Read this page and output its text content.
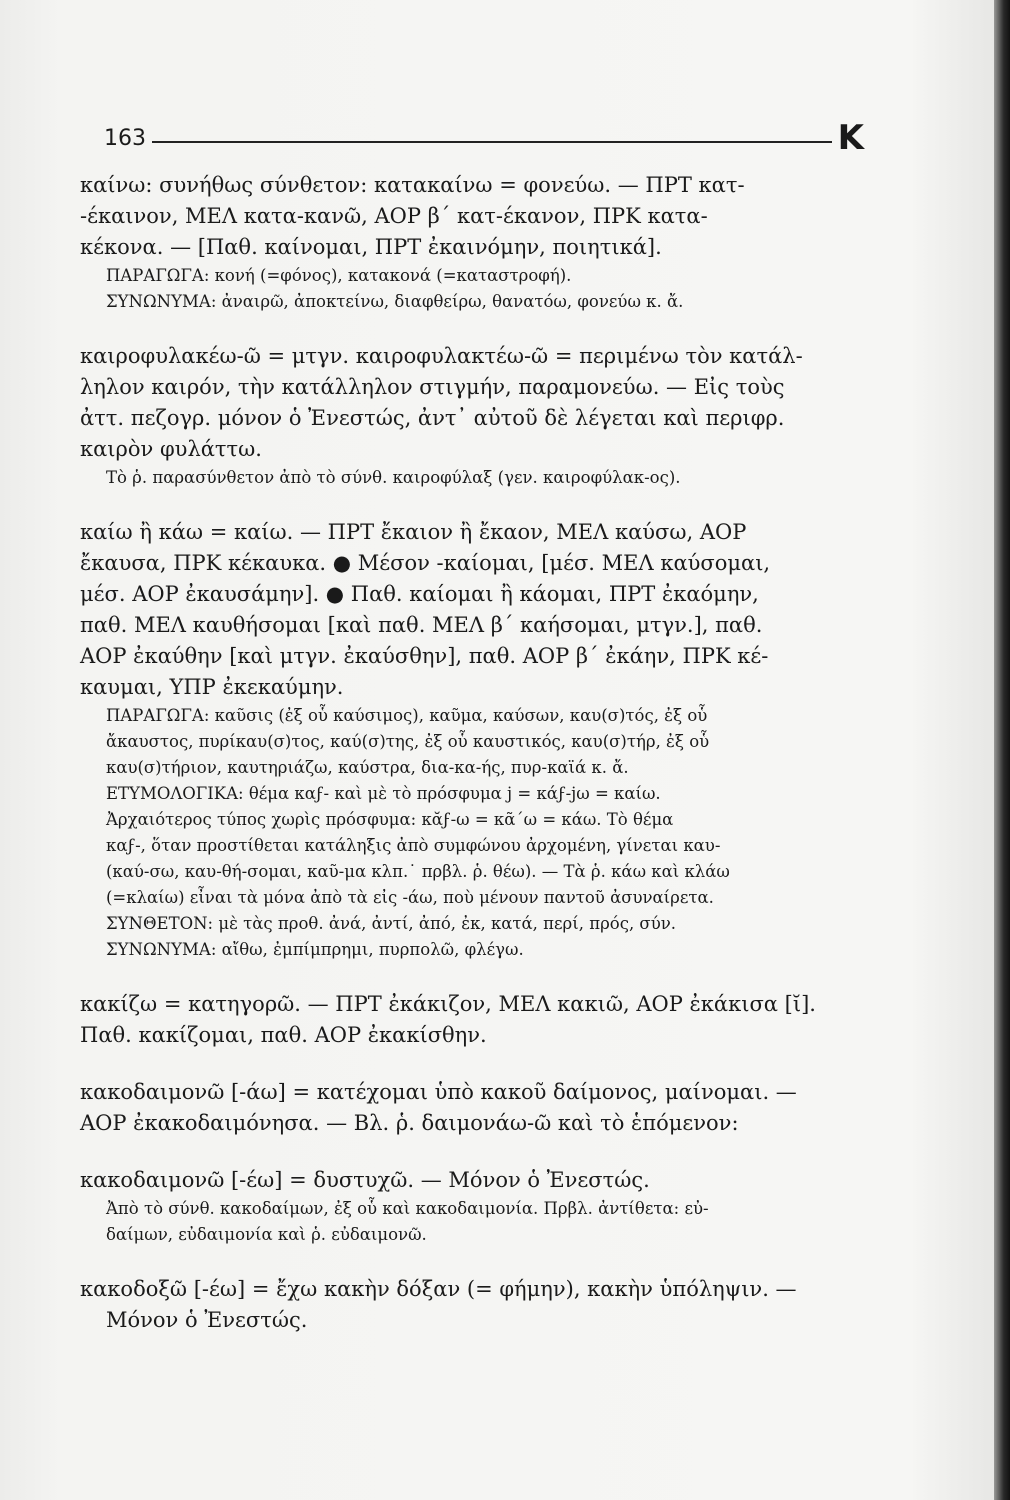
163	K

καίνω: συνήθως σύνθετον: κατακαίνω = φονεύω. — ΠΡΤ κατ-

-έκαινον, ΜΕΛ κατα-κανῶ, ΑΟΡ β΄ κατ-έκανον, ΠΡΚ κατα-

κέκονα. — [Παθ. καίνομαι, ΠΡΤ ἐκαινόμην, ποιητικά].

ΠΑΡΑΓΩΓΑ: κονή (=φόνος), κατακονά (=καταστροφή).

ΣΥΝΩΝΥΜΑ: ἀναιρῶ, ἀποκτείνω, διαφθείρω, θανατόω, φονεύω κ. ἄ.

καιροφυλακέω-ῶ = μτγν. καιροφυλακτέω-ῶ = περιμένω τὸν κατάλ-

ληλον καιρόν, τὴν κατάλληλον στιγμήν, παραμονεύω. — Εἰς τοὺς

ἀττ. πεζογρ. μόνον ὁ Ἐνεστώς, ἀντ᾿ αὐτοῦ δὲ λέγεται καὶ περιφρ.

καιρὸν φυλάττω.

Τὸ ῥ. παρασύνθετον ἀπὸ τὸ σύνθ. καιροφύλαξ (γεν. καιροφύλακ-ος).

καίω ἢ κάω = καίω. — ΠΡΤ ἔκαιον ἢ ἔκαον, ΜΕΛ καύσω, ΑΟΡ

ἔκαυσα, ΠΡΚ κέκαυκα. ● Μέσον -καίομαι, [μέσ. ΜΕΛ καύσομαι,

μέσ. ΑΟΡ ἐκαυσάμην]. ● Παθ. καίομαι ἢ κάομαι, ΠΡΤ ἐκαόμην,

παθ. ΜΕΛ καυθήσομαι [καὶ παθ. ΜΕΛ β΄ καήσομαι, μτγν.], παθ.

ΑΟΡ ἐκαύθην [καὶ μτγν. ἐκαύσθην], παθ. ΑΟΡ β΄ ἐκάην, ΠΡΚ κέ-

καυμαι, ΥΠΡ ἐκεκαύμην.

ΠΑΡΑΓΩΓΑ: καῦσις (ἐξ οὗ καύσιμος), καῦμα, καύσων, καυ(σ)τός, ἐξ οὗ

ἄκαυστος, πυρίκαυ(σ)τος, καύ(σ)της, ἐξ οὗ καυστικός, καυ(σ)τήρ, ἐξ οὗ

καυ(σ)τήριον, καυτηριάζω, καύστρα, δια-κα-ής, πυρ-καϊά κ. ἄ.

ΕΤΥΜΟΛΟΓΙΚΑ: θέμα καϝ- καὶ μὲ τὸ πρόσφυμα j = κάϝ-jω = καίω.

Ἀρχαιότερος τύπος χωρὶς πρόσφυμα: κᾰϝ-ω = κᾶ΄ω = κάω. Τὸ θέμα

καϝ-, ὅταν προστίθεται κατάληξις ἀπὸ συμφώνου ἀρχομένη, γίνεται καυ-

(καύ-σω, καυ-θή-σομαι, καῦ-μα κλπ.˙ πρβλ. ῥ. θέω). — Τὰ ῥ. κάω καὶ κλάω

(=κλαίω) εἶναι τὰ μόνα ἀπὸ τὰ εἰς -άω, ποὺ μένουν παντοῦ ἀσυναίρετα.

ΣΥΝΘΕΤΟΝ: μὲ τὰς προθ. ἀνά, ἀντί, ἀπό, ἐκ, κατά, περί, πρός, σύν.

ΣΥΝΩΝΥΜΑ: αἴθω, ἐμπίμπρημι, πυρπολῶ, φλέγω.

κακίζω = κατηγορῶ. — ΠΡΤ ἐκάκιζον, ΜΕΛ κακιῶ, ΑΟΡ ἐκάκισα [ῐ].

Παθ. κακίζομαι, παθ. ΑΟΡ ἐκακίσθην.

κακοδαιμονῶ [-άω] = κατέχομαι ὑπὸ κακοῦ δαίμονος, μαίνομαι. —

ΑΟΡ ἐκακοδαιμόνησα. — Βλ. ῥ. δαιμονάω-ῶ καὶ τὸ ἑπόμενον:

κακοδαιμονῶ [-έω] = δυστυχῶ. — Μόνον ὁ Ἐνεστώς.

Ἀπὸ τὸ σύνθ. κακοδαίμων, ἐξ οὗ καὶ κακοδαιμονία. Πρβλ. ἀντίθετα: εὐ-

δαίμων, εὐδαιμονία καὶ ῥ. εὐδαιμονῶ.

κακοδοξῶ [-έω] = ἔχω κακὴν δόξαν (= φήμην), κακὴν ὑπόληψιν. —

Μόνον ὁ Ἐνεστώς.
